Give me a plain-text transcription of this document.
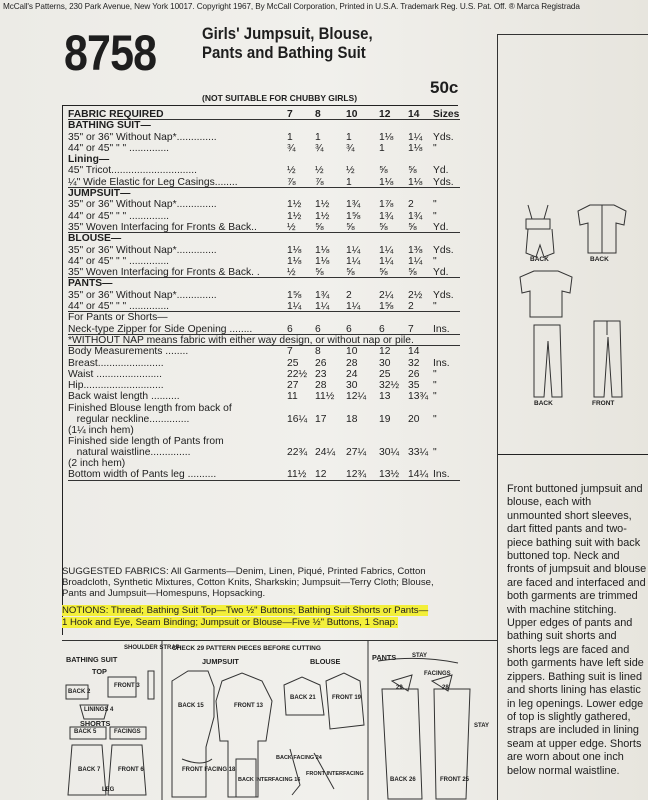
McCall's Patterns, 230 Park Avenue, New York 10017. Copyright 1967, By McCall Corporation, Printed in U.S.A. Trademark Reg. U.S. Pat. Off. ® Marca Registrada
8758	Girls' Jumpsuit, Blouse,
Pants and Bathing Suit
(NOT SUITABLE FOR CHUBBY GIRLS)
50c
FABRIC REQUIRED	7	8	10	12	14	Sizes
BATHING SUIT—
35" or 36" Without Nap*..............	1	1	1	1⅛	1¼	Yds.
44" or 45" " " ..............	¾	¾	¾	1	1⅛	"
Lining—
45" Tricot..............................	½	½	½	⅝	⅝	Yd.
¼" Wide Elastic for Leg Casings........	⅞	⅞	1	1⅛	1⅛	Yds.
JUMPSUIT—
35" or 36" Without Nap*..............	1½	1½	1¾	1⅞	2	"
44" or 45" " " ..............	1½	1½	1⅝	1¾	1¾	"
35" Woven Interfacing for Fronts & Back..	½	⅝	⅝	⅝	⅝	Yd.
BLOUSE—
35" or 36" Without Nap*..............	1⅛	1⅛	1¼	1¼	1⅜	Yds.
44" or 45" " " ..............	1⅛	1⅛	1¼	1¼	1¼	"
35" Woven Interfacing for Fronts & Back. .	½	⅝	⅝	⅝	⅝	Yd.
PANTS—
35" or 36" Without Nap*..............	1⅝	1¾	2	2¼	2½	Yds.
44" or 45" " " ..............	1¼	1¼	1¼	1⅝	2	"
For Pants or Shorts—
Neck-type Zipper for Side Opening ........	6	6	6	6	7	Ins.
*WITHOUT NAP means fabric with either way design, or without nap or pile.
Body Measurements ........	7	8	10	12	14
Breast.......................	25	26	28	30	32	Ins.
Waist .......................	22½ 23	24	25	26	"
Hip............................	27	28	30	32½ 35	"
Back waist length ..........	11	11½	12¼	13	13¾ "
Finished Blouse length from back of
regular neckline..............	16¼ 17	18	19	20	"
(1¼ inch hem)
Finished side length of Pants from
natural waistline..............	22¾ 24¼	27¼	30¼ 33¼ "
(2 inch hem)
Bottom width of Pants leg ..........	11½ 12	12¾	13½ 14¼ Ins.
SUGGESTED FABRICS: All Garments—Denim, Linen, Piqué, Printed Fabrics, Cotton Broadcloth, Synthetic Mixtures, Cotton Knits, Sharkskin; Jumpsuit—Terry Cloth; Blouse, Pants and Jumpsuit—Homespuns, Hopsacking.
NOTIONS: Thread; Bathing Suit Top—Two ½" Buttons; Bathing Suit Shorts or Pants—
1 Hook and Eye, Seam Binding; Jumpsuit or Blouse—Five ½" Buttons, 1 Snap.
BACK	BACK
BACK	FRONT
Front buttoned jumpsuit and blouse, each with unmounted short sleeves, dart fitted pants and two-piece bathing suit with back buttoned top. Neck and fronts of jumpsuit and blouse are faced and interfaced and both garments are trimmed with machine stitching. Upper edges of pants and bathing suit shorts and shorts legs are faced and both garments have left side zippers. Bathing suit is lined and shorts lining has elastic in leg openings. Lower edge of top is slightly gathered, straps are included in lining seam at upper edge. Shorts are worn about one inch below normal waistline.
BATHING SUIT
SHOULDER STRAP
TOP
SHORTS
CHECK 29 PATTERN PIECES BEFORE CUTTING
JUMPSUIT	BLOUSE	PANTS
BACK 2
FRONT 3
LININGS 4
BACK 5	FACINGS
BACK 7	FRONT 6
LEG
BACK 15	FRONT 13
FRONT FACING 18
BACK INTERFACING 16
BACK 21	FRONT 19
BACK FACING 24
FRONT INTERFACING
STAY
FACINGS
29	28
BACK 26	FRONT 25
STAY
